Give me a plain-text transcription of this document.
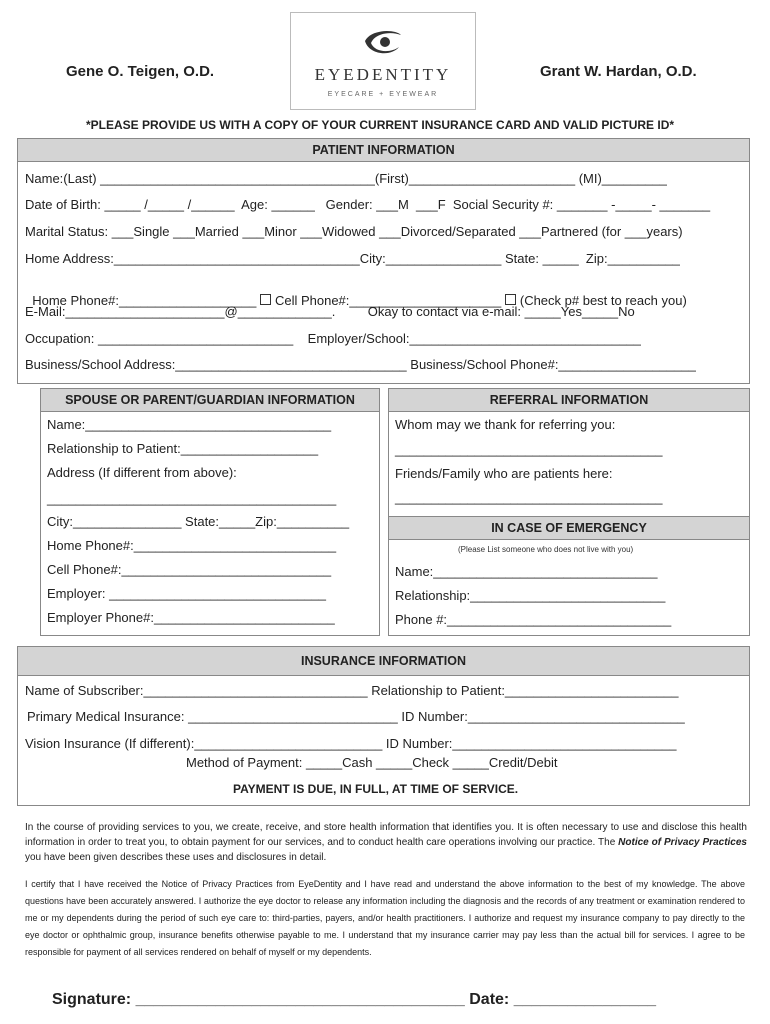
Gene O. Teigen, O.D.	Grant W. Hardan, O.D.
EYEDENTITY
EYECARE + EYEWEAR
*PLEASE PROVIDE US WITH A COPY OF YOUR CURRENT INSURANCE CARD AND VALID PICTURE ID*
PATIENT INFORMATION
Name:(Last) ______________________________________(First)_______________________ (MI)_________
Date of Birth: _____ /_____ /______  Age: ______   Gender: ___M  ___F  Social Security #: _______ -_____- _______
Marital Status: ___Single ___Married ___Minor ___Widowed ___Divorced/Separated ___Partnered (for ___years)
Home Address:__________________________________City:________________ State: _____  Zip:__________

Home Phone#:___________________ Cell Phone#:_____________________ (Check p# best to reach you)

E-Mail:______________________@_____________.         Okay to contact via e-mail: _____Yes_____No
Occupation: ___________________________    Employer/School:________________________________
Business/School Address:________________________________ Business/School Phone#:___________________
SPOUSE OR PARENT/GUARDIAN INFORMATION
Name:__________________________________
Relationship to Patient:___________________
Address (If different from above):
________________________________________
City:_______________ State:_____Zip:__________
Home Phone#:____________________________
Cell Phone#:_____________________________
Employer: ______________________________
Employer Phone#:_________________________
REFERRAL INFORMATION
Whom may we thank for referring you:
_____________________________________
Friends/Family who are patients here:
_____________________________________
IN CASE OF EMERGENCY
(Please List someone who does not live with you)
Name:_______________________________
Relationship:___________________________
Phone #:_______________________________
INSURANCE INFORMATION
Name of Subscriber:_______________________________ Relationship to Patient:________________________
Primary Medical Insurance: _____________________________ ID Number:______________________________
Vision Insurance (If different):__________________________ ID Number:_______________________________
Method of Payment: _____Cash _____Check _____Credit/Debit
PAYMENT IS DUE, IN FULL, AT TIME OF SERVICE.
In the course of providing services to you, we create, receive, and store health information that identifies you. It is often necessary to use and disclose this health information in order to treat you, to obtain payment for our services, and to conduct health care operations involving our practice. The Notice of Privacy Practices you have been given describes these uses and disclosures in detail.
I certify that I have received the Notice of Privacy Practices from EyeDentity and I have read and understand the above information to the best of my knowledge. The above questions have been accurately answered. I authorize the eye doctor to release any information including the diagnosis and the records of any treatment or examination rendered to me or my dependents during the period of such eye care to: third-parties, payers, and/or health practitioners. I authorize and request my insurance company to pay directly to the eye doctor or ophthalmic group, insurance benefits otherwise payable to me. I understand that my insurance carrier may pay less than the actual bill for services. I agree to be responsible for payment of all services rendered on behalf of myself or my dependents.
Signature: _____________________________________ Date: ________________
